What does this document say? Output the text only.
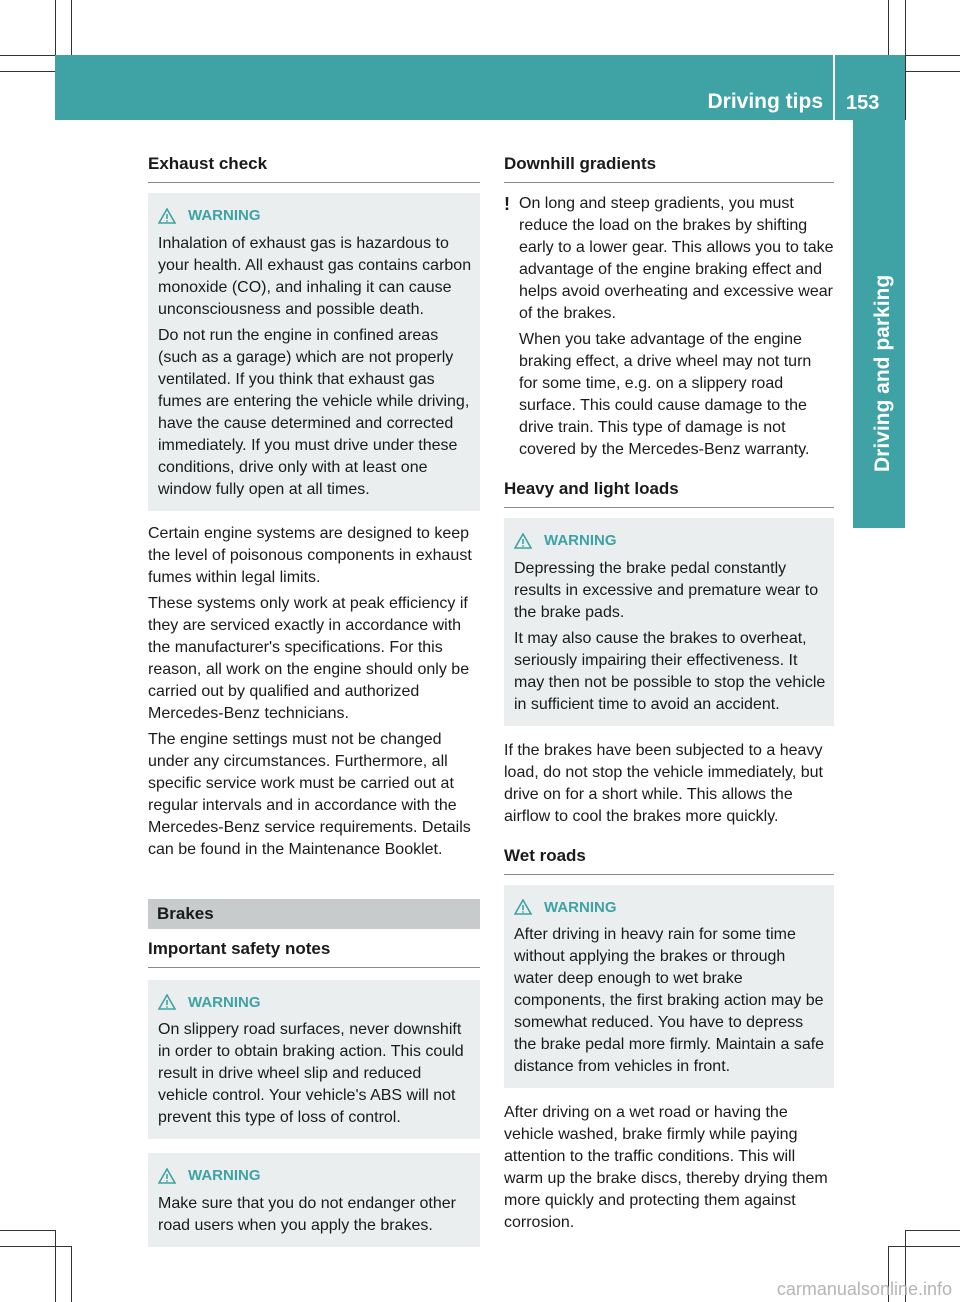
Driving tips 153
Driving and parking
Exhaust check
WARNING

Inhalation of exhaust gas is hazardous to your health. All exhaust gas contains carbon monoxide (CO), and inhaling it can cause unconsciousness and possible death.

Do not run the engine in confined areas (such as a garage) which are not properly ventilated. If you think that exhaust gas fumes are entering the vehicle while driving, have the cause determined and corrected immediately. If you must drive under these conditions, drive only with at least one window fully open at all times.

Certain engine systems are designed to keep the level of poisonous components in exhaust fumes within legal limits.

These systems only work at peak efficiency if they are serviced exactly in accordance with the manufacturer's specifications. For this reason, all work on the engine should only be carried out by qualified and authorized Mercedes-Benz technicians.

The engine settings must not be changed under any circumstances. Furthermore, all specific service work must be carried out at regular intervals and in accordance with the Mercedes-Benz service requirements. Details can be found in the Maintenance Booklet.

Brakes
Important safety notes
WARNING

On slippery road surfaces, never downshift in order to obtain braking action. This could result in drive wheel slip and reduced vehicle control. Your vehicle's ABS will not prevent this type of loss of control.

WARNING

Make sure that you do not endanger other road users when you apply the brakes.

Downhill gradients
! On long and steep gradients, you must reduce the load on the brakes by shifting early to a lower gear. This allows you to take advantage of the engine braking effect and helps avoid overheating and excessive wear of the brakes.

When you take advantage of the engine braking effect, a drive wheel may not turn for some time, e.g. on a slippery road surface. This could cause damage to the drive train. This type of damage is not covered by the Mercedes-Benz warranty.

Heavy and light loads
WARNING

Depressing the brake pedal constantly results in excessive and premature wear to the brake pads.

It may also cause the brakes to overheat, seriously impairing their effectiveness. It may then not be possible to stop the vehicle in sufficient time to avoid an accident.

If the brakes have been subjected to a heavy load, do not stop the vehicle immediately, but drive on for a short while. This allows the airflow to cool the brakes more quickly.

Wet roads
WARNING

After driving in heavy rain for some time without applying the brakes or through water deep enough to wet brake components, the first braking action may be somewhat reduced. You have to depress the brake pedal more firmly. Maintain a safe distance from vehicles in front.

After driving on a wet road or having the vehicle washed, brake firmly while paying attention to the traffic conditions. This will warm up the brake discs, thereby drying them more quickly and protecting them against corrosion.

carmanualsonline.info
